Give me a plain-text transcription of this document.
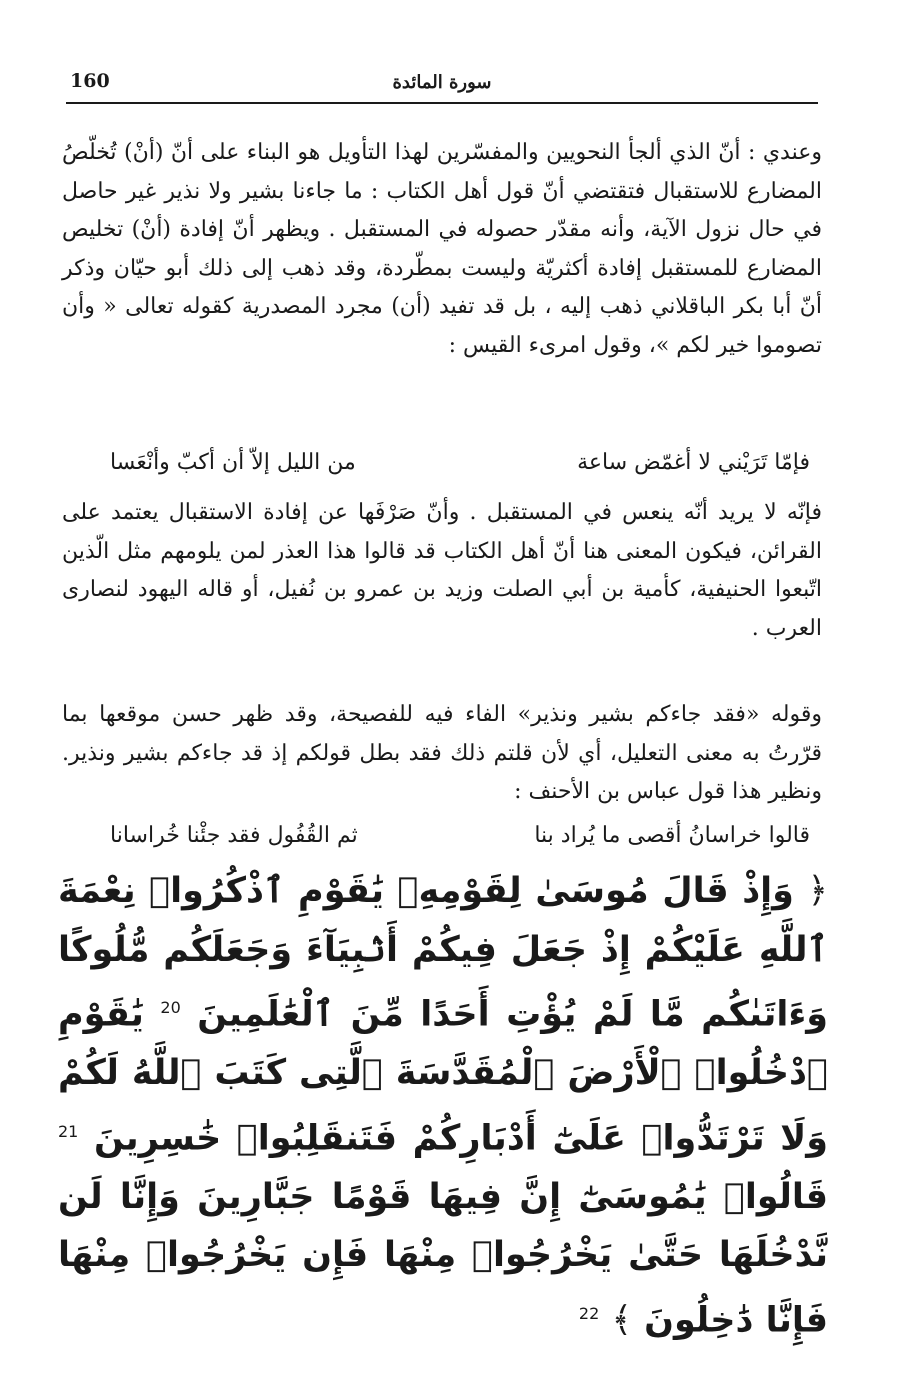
160	سورة المائدة

وعندي : أنّ الذي ألجأ النحويين والمفسّرين لهذا التأويل هو البناء على أنّ (أنْ) تُخلّصُ المضارع للاستقبال فتقتضي أنّ قول أهل الكتاب : ما جاءنا بشير ولا نذير غير حاصل في حال نزول الآية، وأنه مقدّر حصوله في المستقبل . ويظهر أنّ إفادة (أنْ) تخليص المضارع للمستقبل إفادة أكثريّة وليست بمطّردة، وقد ذهب إلى ذلك أبو حيّان وذكر أنّ أبا بكر الباقلاني ذهب إليه ، بل قد تفيد (أن) مجرد المصدرية كقوله تعالى « وأن تصوموا خير لكم »، وقول امرىء القيس :

فإمّا تَرَيْني لا أغمّض ساعة
من الليل إلاّ أن أكبّ وأنْعَسا

فإنّه لا يريد أنّه ينعس في المستقبل . وأنّ صَرْفَها عن إفادة الاستقبال يعتمد على القرائن، فيكون المعنى هنا أنّ أهل الكتاب قد قالوا هذا العذر لمن يلومهم مثل الّذين اتّبعوا الحنيفية، كأمية بن أبي الصلت وزيد بن عمرو بن نُفيل، أو قاله اليهود لنصارى العرب .

وقوله «فقد جاءكم بشير ونذير» الفاء فيه للفصيحة، وقد ظهر حسن موقعها بما قرّرتُ به معنى التعليل، أي لأن قلتم ذلك فقد بطل قولكم إذ قد جاءكم بشير ونذير. ونظير هذا قول عباس بن الأحنف :

قالوا خراسانُ أقصى ما يُراد بنا
ثم القُفُول فقد جئْنا خُراسانا

﴿ وَإِذْ قَالَ مُوسَىٰ لِقَوْمِهِۦ يَٰقَوْمِ ٱذْكُرُوا۟ نِعْمَةَ ٱللَّهِ عَلَيْكُمْ إِذْ جَعَلَ فِيكُمْ أَنۢبِيَآءَ وَجَعَلَكُم مُّلُوكًا وَءَاتَىٰكُم مَّا لَمْ يُؤْتِ أَحَدًا مِّنَ ٱلْعَٰلَمِينَ $^{20}$ يَٰقَوْمِ ٱدْخُلُوا۟ ٱلْأَرْضَ ٱلْمُقَدَّسَةَ ٱلَّتِى كَتَبَ ٱللَّهُ لَكُمْ وَلَا تَرْتَدُّوا۟ عَلَىٰٓ أَدْبَارِكُمْ فَتَنقَلِبُوا۟ خَٰسِرِينَ $^{21}$ قَالُوا۟ يَٰمُوسَىٰٓ إِنَّ فِيهَا قَوْمًا جَبَّارِينَ وَإِنَّا لَن نَّدْخُلَهَا حَتَّىٰ يَخْرُجُوا۟ مِنْهَا فَإِن يَخْرُجُوا۟ مِنْهَا فَإِنَّا دَٰخِلُونَ ﴾ $^{22}$
